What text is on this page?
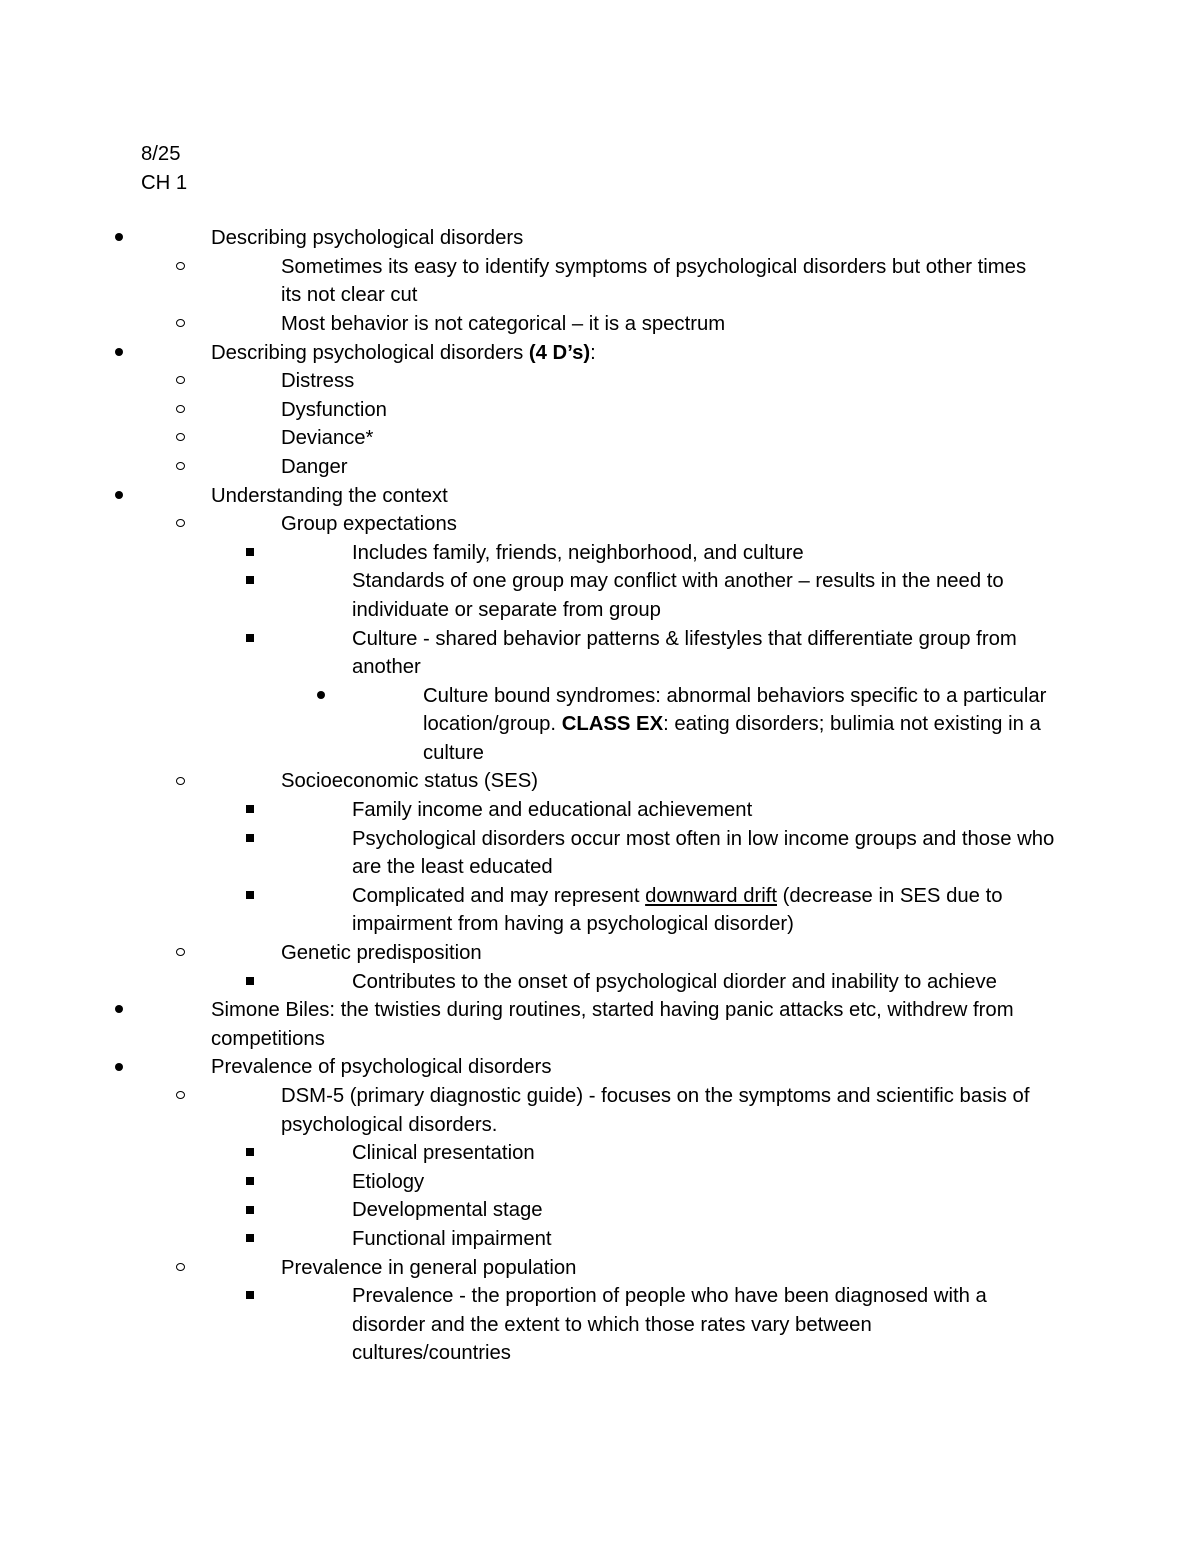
8/25
CH 1
Describing psychological disorders
Sometimes its easy to identify symptoms of psychological disorders but other times its not clear cut
Most behavior is not categorical – it is a spectrum
Describing psychological disorders (4 D’s):
Distress
Dysfunction
Deviance*
Danger
Understanding the context
Group expectations
Includes family, friends, neighborhood, and culture
Standards of one group may conflict with another – results in the need to individuate or separate from group
Culture - shared behavior patterns & lifestyles that differentiate group from another
Culture bound syndromes: abnormal behaviors specific to a particular location/group. CLASS EX: eating disorders; bulimia not existing in a culture
Socioeconomic status (SES)
Family income and educational achievement
Psychological disorders occur most often in low income groups and those who are the least educated
Complicated and may represent downward drift (decrease in SES due to impairment from having a psychological disorder)
Genetic predisposition
Contributes to the onset of psychological diorder and inability to achieve
Simone Biles: the twisties during routines, started having panic attacks etc, withdrew from competitions
Prevalence of psychological disorders
DSM-5 (primary diagnostic guide) - focuses on the symptoms and scientific basis of psychological disorders.
Clinical presentation
Etiology
Developmental stage
Functional impairment
Prevalence in general population
Prevalence - the proportion of people who have been diagnosed with a disorder and the extent to which those rates vary between cultures/countries
